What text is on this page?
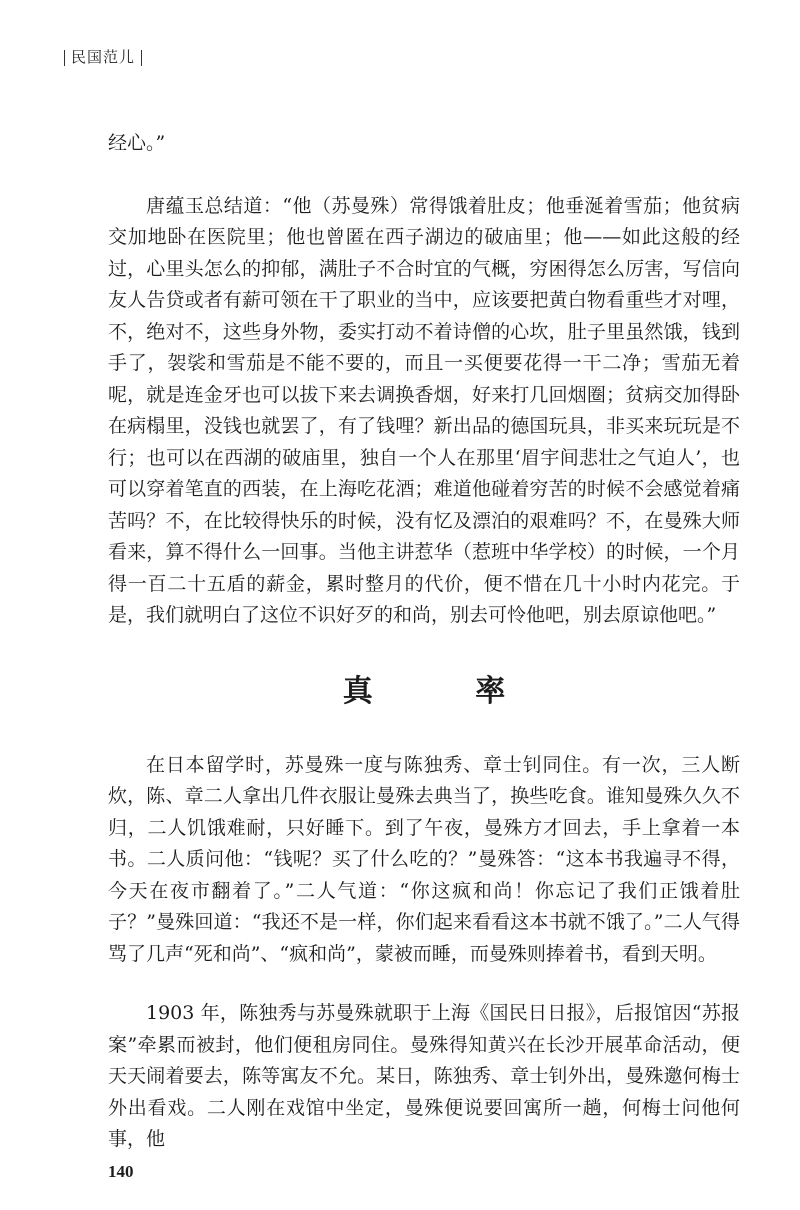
民国范儿

经心。”

唐蕴玉总结道：“他（苏曼殊）常得饿着肚皮；他垂涎着雪茄；他贫病交加地卧在医院里；他也曾匿在西子湖边的破庙里；他——如此这般的经过，心里头怎么的抑郁，满肚子不合时宜的气概，穷困得怎么厉害，写信向友人告贷或者有薪可领在干了职业的当中，应该要把黄白物看重些才对哩，不，绝对不，这些身外物，委实打动不着诗僧的心坎，肚子里虽然饿，钱到手了，袈裟和雪茄是不能不要的，而且一买便要花得一干二净；雪茄无着呢，就是连金牙也可以拔下来去调换香烟，好来打几回烟圈；贫病交加得卧在病榻里，没钱也就罢了，有了钱哩？新出品的德国玩具，非买来玩玩是不行；也可以在西湖的破庙里，独自一个人在那里‘眉宇间悲壮之气迫人’，也可以穿着笔直的西装，在上海吃花酒；难道他碰着穷苦的时候不会感觉着痛苦吗？不，在比较得快乐的时候，没有忆及漂泊的艰难吗？不，在曼殊大师看来，算不得什么一回事。当他主讲惹华（惹班中华学校）的时候，一个月得一百二十五盾的薪金，累时整月的代价，便不惜在几十小时内花完。于是，我们就明白了这位不识好歹的和尚，别去可怜他吧，别去原谅他吧。”

真 率

在日本留学时，苏曼殊一度与陈独秀、章士钊同住。有一次，三人断炊，陈、章二人拿出几件衣服让曼殊去典当了，换些吃食。谁知曼殊久久不归，二人饥饿难耐，只好睡下。到了午夜，曼殊方才回去，手上拿着一本书。二人质问他：“钱呢？买了什么吃的？”曼殊答：“这本书我遍寻不得，今天在夜市翻着了。”二人气道：“你这疯和尚！你忘记了我们正饿着肚子？”曼殊回道：“我还不是一样，你们起来看看这本书就不饿了。”二人气得骂了几声“死和尚”、“疯和尚”，蒙被而睡，而曼殊则捧着书，看到天明。

1903 年，陈独秀与苏曼殊就职于上海《国民日日报》，后报馆因“苏报案”牵累而被封，他们便租房同住。曼殊得知黄兴在长沙开展革命活动，便天天闹着要去，陈等寓友不允。某日，陈独秀、章士钊外出，曼殊邀何梅士外出看戏。二人刚在戏馆中坐定，曼殊便说要回寓所一趟，何梅士问他何事，他

140
